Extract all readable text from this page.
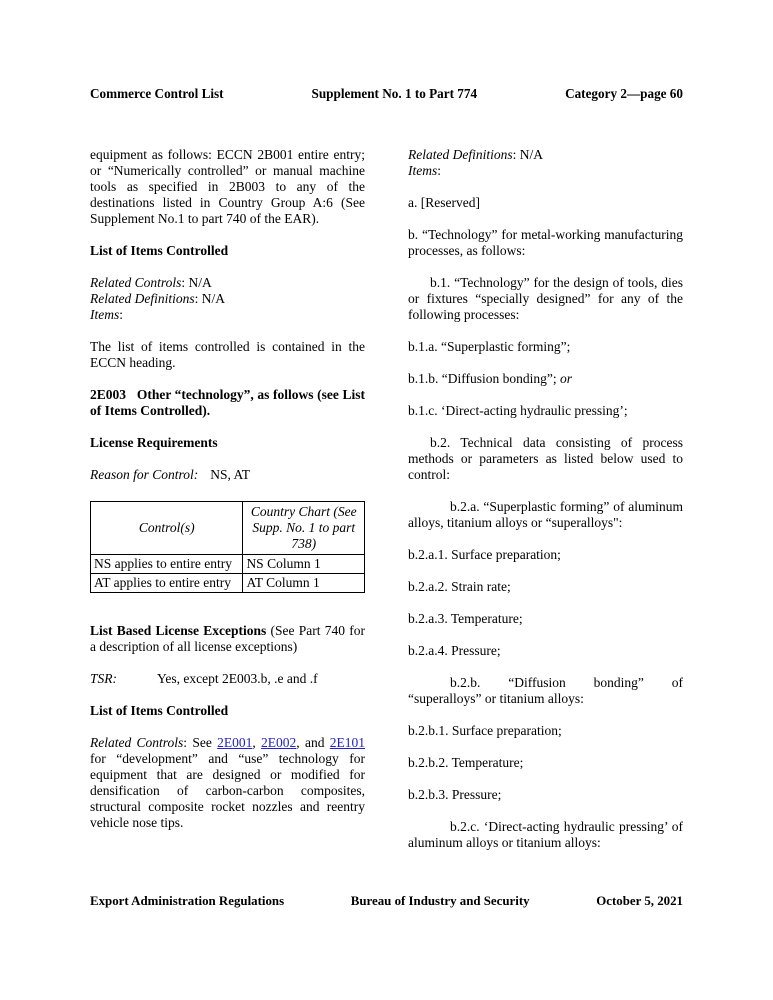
Commerce Control List	Supplement No. 1 to Part 774	Category 2—page 60

equipment as follows: ECCN 2B001 entire entry; or “Numerically controlled” or manual machine tools as specified in 2B003 to any of the destinations listed in Country Group A:6 (See Supplement No.1 to part 740 of the EAR).

List of Items Controlled

Related Controls: N/A
Related Definitions: N/A
Items:

The list of items controlled is contained in the ECCN heading.

2E003   Other “technology”, as follows (see List of Items Controlled).

License Requirements

Reason for Control: NS, AT

Control(s)	Country Chart (See Supp. No. 1 to part 738)
NS applies to entire entry	NS Column 1
AT applies to entire entry	AT Column 1

List Based License Exceptions (See Part 740 for a description of all license exceptions)

TSR:	Yes, except 2E003.b, .e and .f

List of Items Controlled

Related Controls: See 2E001, 2E002, and 2E101 for “development” and “use” technology for equipment that are designed or modified for densification of carbon-carbon composites, structural composite rocket nozzles and reentry vehicle nose tips.

Related Definitions: N/A
Items:

a. [Reserved]

b. “Technology” for metal-working manufacturing processes, as follows:

b.1. “Technology” for the design of tools, dies or fixtures “specially designed” for any of the following processes:

b.1.a. “Superplastic forming”;

b.1.b. “Diffusion bonding”; or

b.1.c. ‘Direct-acting hydraulic pressing’;

b.2. Technical data consisting of process methods or parameters as listed below used to control:

b.2.a. “Superplastic forming” of aluminum alloys, titanium alloys or “superalloys":

b.2.a.1. Surface preparation;

b.2.a.2. Strain rate;

b.2.a.3. Temperature;

b.2.a.4. Pressure;

b.2.b. “Diffusion bonding” of “superalloys” or titanium alloys:

b.2.b.1. Surface preparation;

b.2.b.2. Temperature;

b.2.b.3. Pressure;

b.2.c. ‘Direct-acting hydraulic pressing’ of aluminum alloys or titanium alloys:

Export Administration Regulations	Bureau of Industry and Security	October 5, 2021
